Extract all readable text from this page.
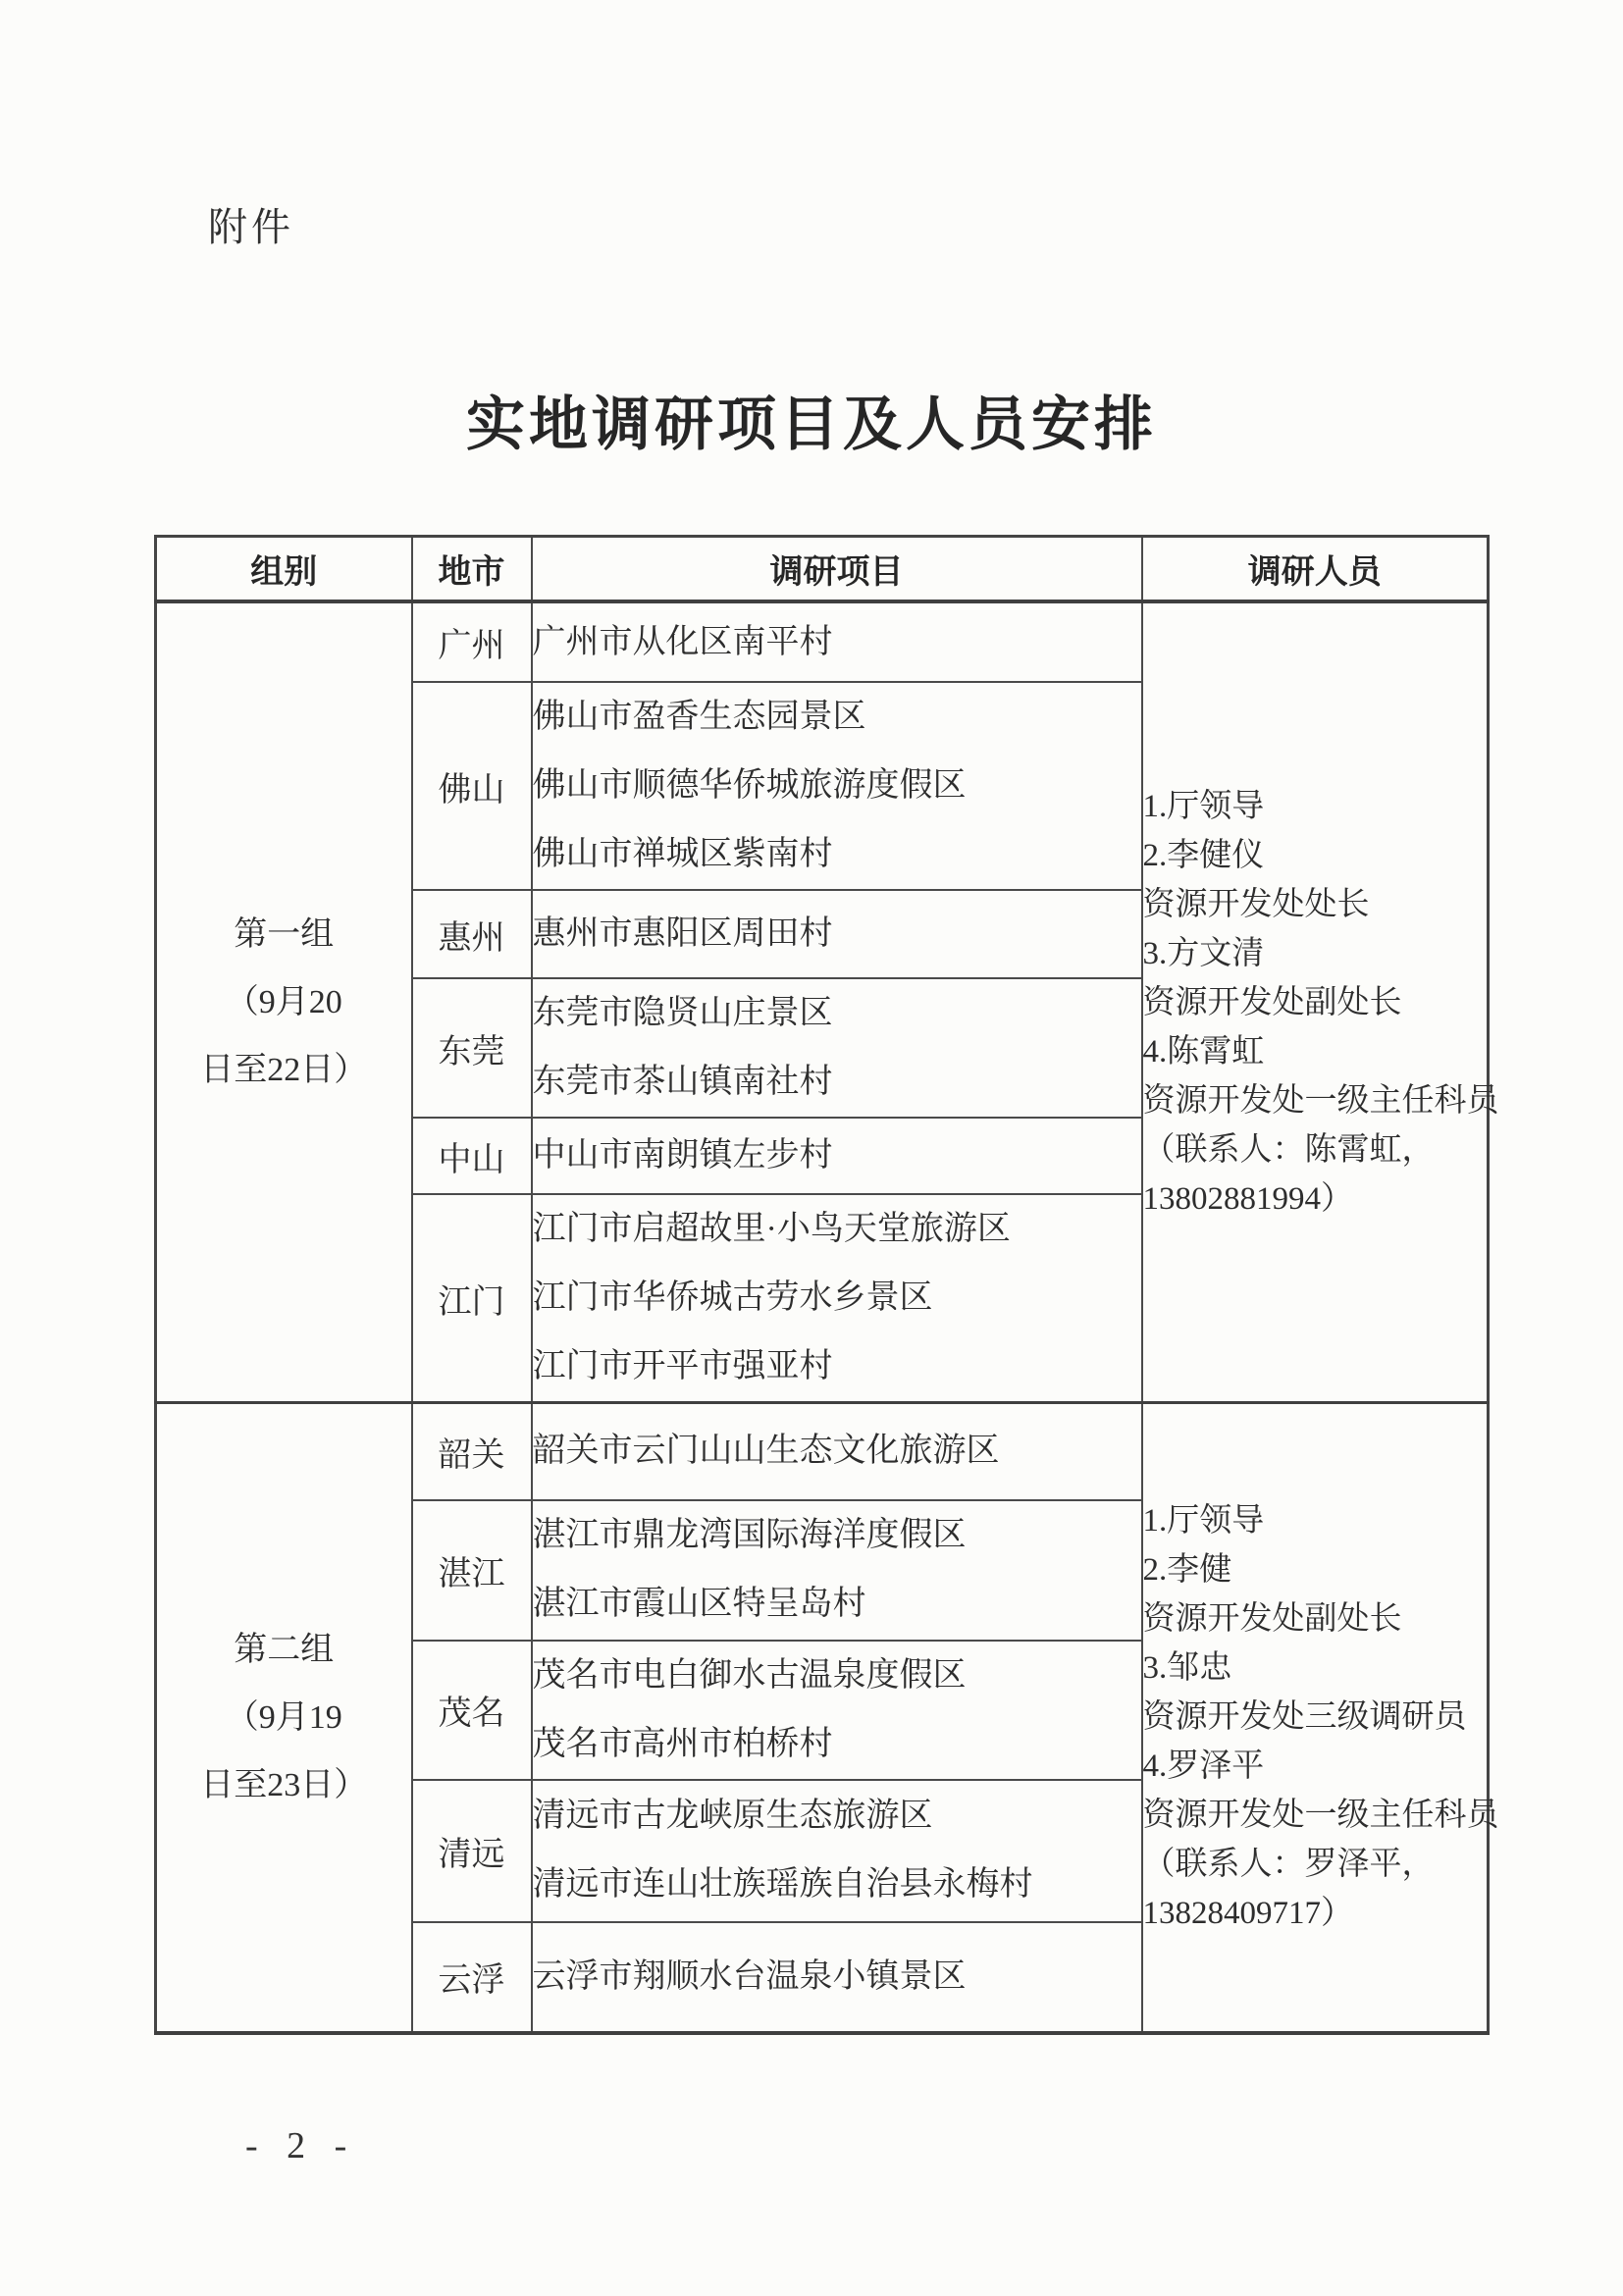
附件
实地调研项目及人员安排
组别	地市	调研项目	调研人员

第一组
（9月20
日至22日）
	广州	广州市从化区南平村

1.厅领导
2.李健仪
资源开发处处长
3.方文清
资源开发处副处长
4.陈霄虹
资源开发处一级主任科员
（联系人：陈霄虹，
13802881994）

	佛山	佛山市盈香生态园景区
佛山市顺德华侨城旅游度假区
佛山市禅城区紫南村	

	惠州	惠州市惠阳区周田村	

	东莞	东莞市隐贤山庄景区
东莞市茶山镇南社村	

	中山	中山市南朗镇左步村	

	江门	江门市启超故里·小鸟天堂旅游区
江门市华侨城古劳水乡景区
江门市开平市强亚村	

第二组
（9月19
日至23日）
	韶关	韶关市云门山山生态文化旅游区

1.厅领导
2.李健
资源开发处副处长
3.邹忠
资源开发处三级调研员
4.罗泽平
资源开发处一级主任科员
（联系人：罗泽平，
13828409717）

	湛江	湛江市鼎龙湾国际海洋度假区
湛江市霞山区特呈岛村	

	茂名	茂名市电白御水古温泉度假区
茂名市高州市柏桥村	

	清远	清远市古龙峡原生态旅游区
清远市连山壮族瑶族自治县永梅村	

	云浮	云浮市翔顺水台温泉小镇景区	
- 2 -
